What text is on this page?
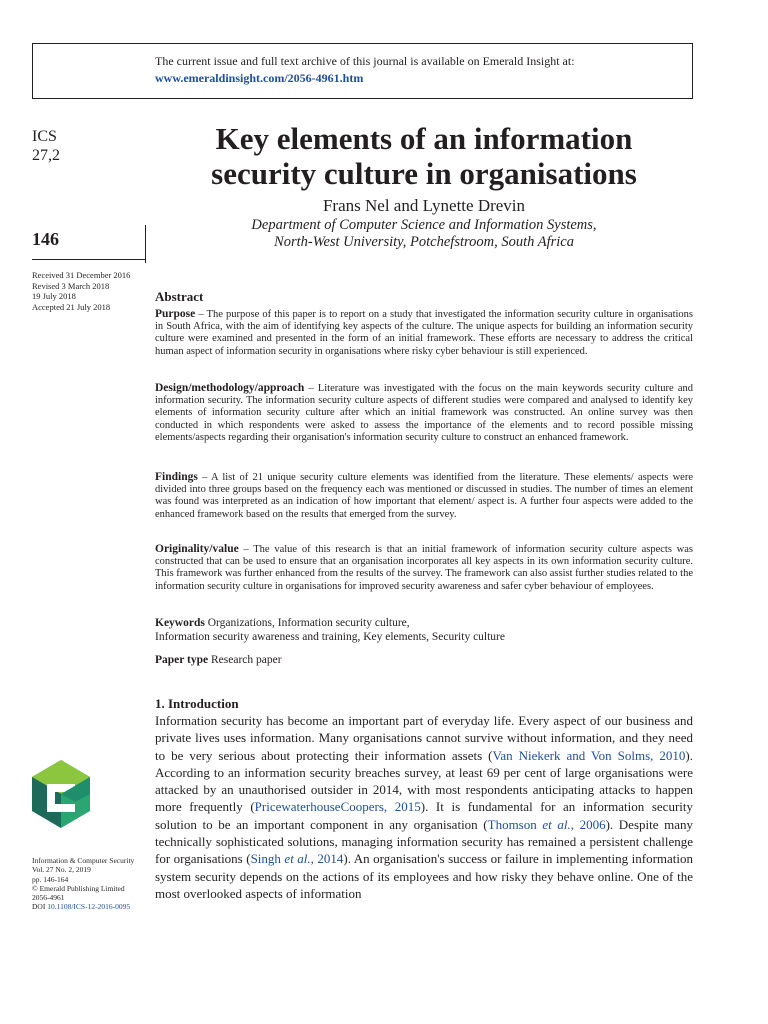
The current issue and full text archive of this journal is available on Emerald Insight at:
www.emeraldinsight.com/2056-4961.htm
ICS
27,2
146
Received 31 December 2016
Revised 3 March 2018
19 July 2018
Accepted 21 July 2018
Key elements of an information
security culture in organisations
Frans Nel and Lynette Drevin
Department of Computer Science and Information Systems,
North-West University, Potchefstroom, South Africa
Abstract
Purpose – The purpose of this paper is to report on a study that investigated the information security culture in organisations in South Africa, with the aim of identifying key aspects of the culture. The unique aspects for building an information security culture were examined and presented in the form of an initial framework. These efforts are necessary to address the critical human aspect of information security in organisations where risky cyber behaviour is still experienced.
Design/methodology/approach – Literature was investigated with the focus on the main keywords security culture and information security. The information security culture aspects of different studies were compared and analysed to identify key elements of information security culture after which an initial framework was constructed. An online survey was then conducted in which respondents were asked to assess the importance of the elements and to record possible missing elements/aspects regarding their organisation's information security culture to construct an enhanced framework.
Findings – A list of 21 unique security culture elements was identified from the literature. These elements/ aspects were divided into three groups based on the frequency each was mentioned or discussed in studies. The number of times an element was found was interpreted as an indication of how important that element/ aspect is. A further four aspects were added to the enhanced framework based on the results that emerged from the survey.
Originality/value – The value of this research is that an initial framework of information security culture aspects was constructed that can be used to ensure that an organisation incorporates all key aspects in its own information security culture. This framework was further enhanced from the results of the survey. The framework can also assist further studies related to the information security culture in organisations for improved security awareness and safer cyber behaviour of employees.
Keywords Organizations, Information security culture,
Information security awareness and training, Key elements, Security culture
Paper type Research paper
1. Introduction
Information security has become an important part of everyday life. Every aspect of our business and private lives uses information. Many organisations cannot survive without information, and they need to be very serious about protecting their information assets (Van Niekerk and Von Solms, 2010). According to an information security breaches survey, at least 69 per cent of large organisations were attacked by an unauthorised outsider in 2014, with most respondents anticipating attacks to happen more frequently (PricewaterhouseCoopers, 2015). It is fundamental for an information security solution to be an important component in any organisation (Thomson et al., 2006). Despite many technically sophisticated solutions, managing information security has remained a persistent challenge for organisations (Singh et al., 2014). An organisation's success or failure in implementing information system security depends on the actions of its employees and how risky they behave online. One of the most overlooked aspects of information
Information & Computer Security
Vol. 27 No. 2, 2019
pp. 146-164
© Emerald Publishing Limited
2056-4961
DOI 10.1108/ICS-12-2016-0095
